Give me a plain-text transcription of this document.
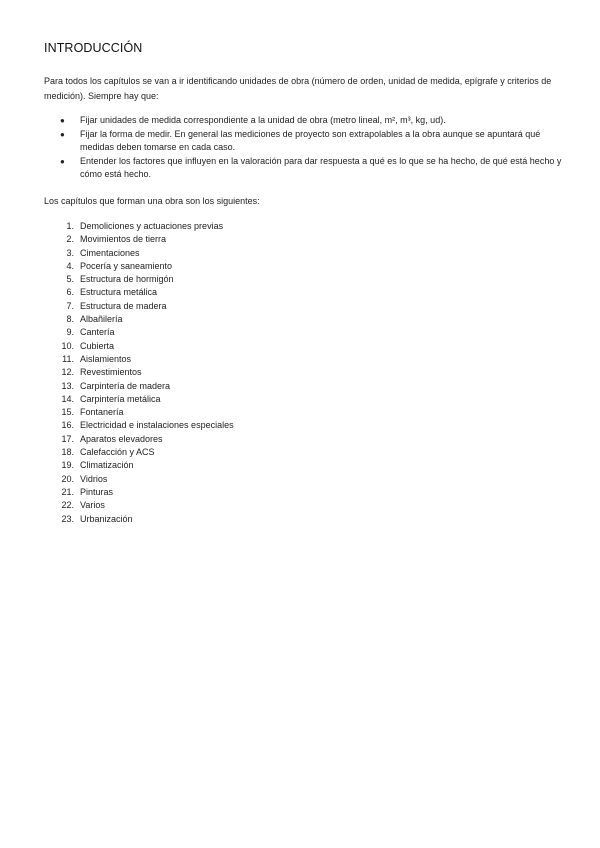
INTRODUCCIÓN
Para todos los capítulos se van a ir identificando unidades de obra (número de orden, unidad de medida, epígrafe y criterios de medición). Siempre hay que:
● Fijar unidades de medida correspondiente a la unidad de obra (metro lineal, m², m³, kg, ud).
● Fijar la forma de medir. En general las mediciones de proyecto son extrapolables a la obra aunque se apuntará qué medidas deben tomarse en cada caso.
● Entender los factores que influyen en la valoración para dar respuesta a qué es lo que se ha hecho, de qué está hecho y cómo está hecho.
Los capítulos que forman una obra son los siguientes:
1. Demoliciones y actuaciones previas
2. Movimientos de tierra
3. Cimentaciones
4. Pocería y saneamiento
5. Estructura de hormigón
6. Estructura metálica
7. Estructura de madera
8. Albañilería
9. Cantería
10. Cubierta
11. Aislamientos
12. Revestimientos
13. Carpintería de madera
14. Carpintería metálica
15. Fontanería
16. Electricidad e instalaciones especiales
17. Aparatos elevadores
18. Calefacción y ACS
19. Climatización
20. Vidrios
21. Pinturas
22. Varios
23. Urbanización
